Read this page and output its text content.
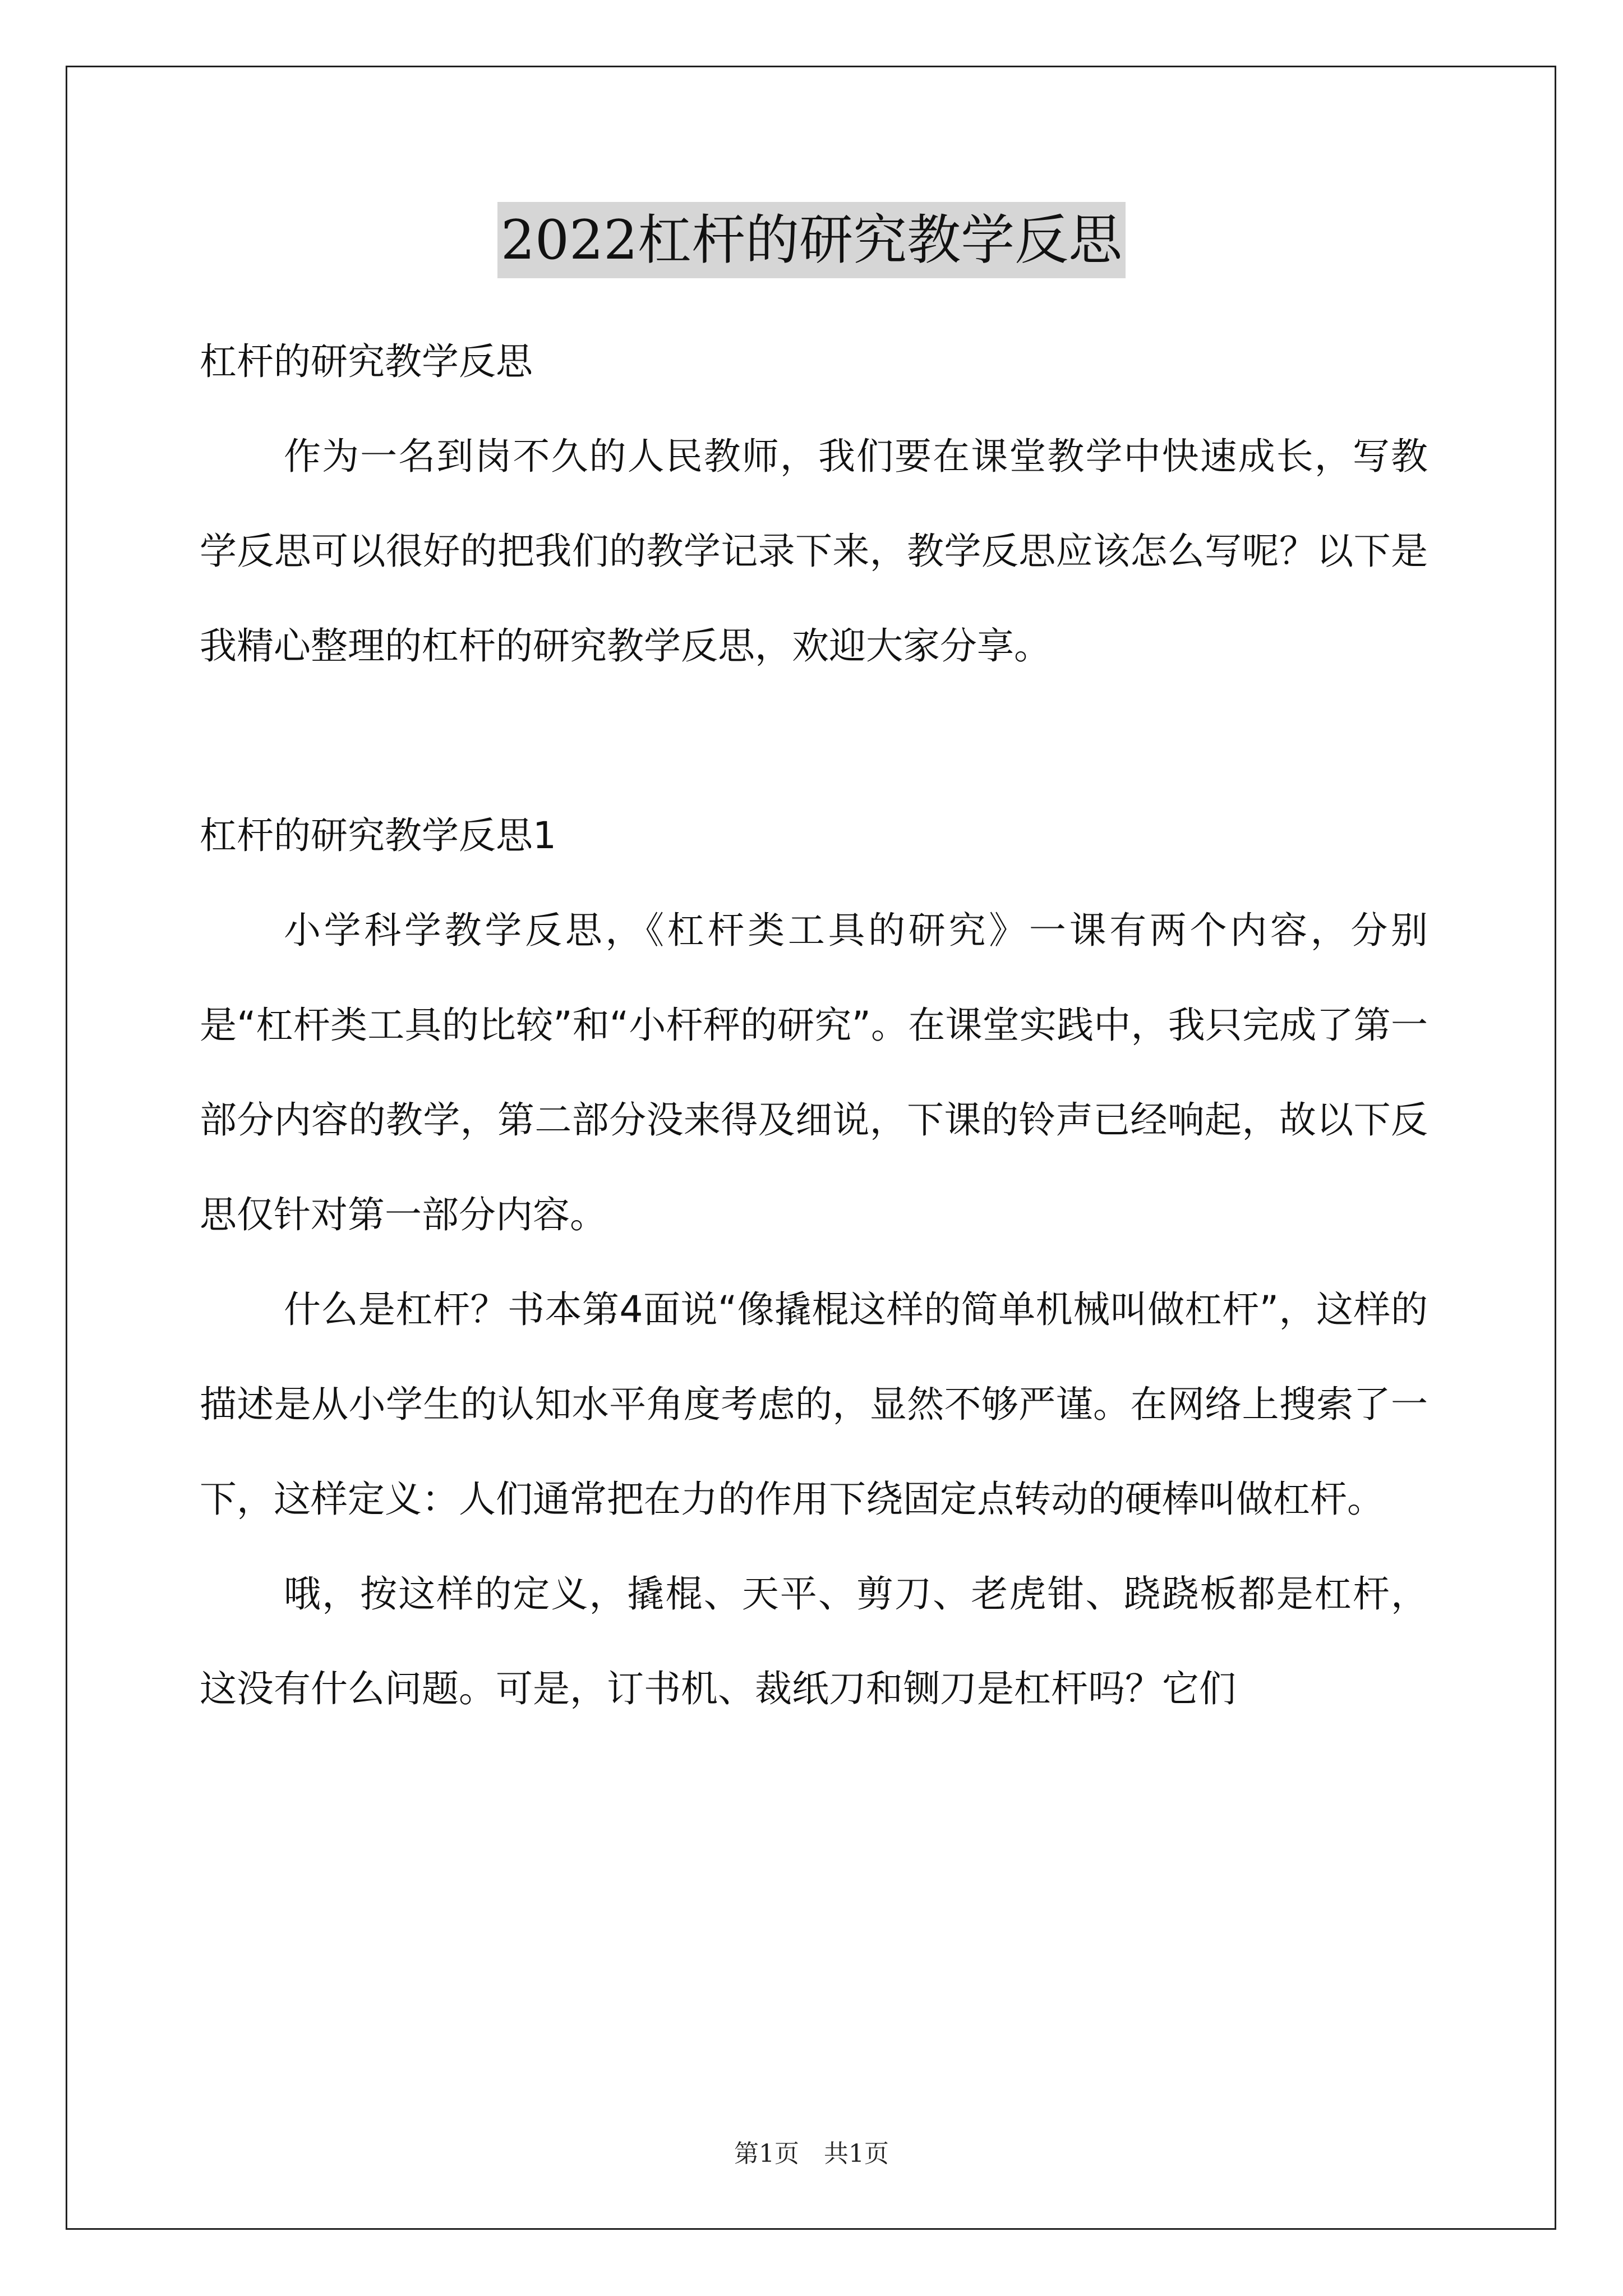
2022杠杆的研究教学反思

杠杆的研究教学反思

作为一名到岗不久的人民教师，我们要在课堂教学中快速成长，写教学反思可以很好的把我们的教学记录下来，教学反思应该怎么写呢？以下是我精心整理的杠杆的研究教学反思，欢迎大家分享。

杠杆的研究教学反思1

小学科学教学反思，《杠杆类工具的研究》一课有两个内容，分别是“杠杆类工具的比较”和“小杆秤的研究”。在课堂实践中，我只完成了第一部分内容的教学，第二部分没来得及细说，下课的铃声已经响起，故以下反思仅针对第一部分内容。

什么是杠杆？书本第4面说“像撬棍这样的简单机械叫做杠杆”，这样的描述是从小学生的认知水平角度考虑的，显然不够严谨。在网络上搜索了一下，这样定义：人们通常把在力的作用下绕固定点转动的硬棒叫做杠杆。

哦，按这样的定义，撬棍、天平、剪刀、老虎钳、跷跷板都是杠杆，这没有什么问题。可是，订书机、裁纸刀和铡刀是杠杆吗？它们

第1页 共1页
